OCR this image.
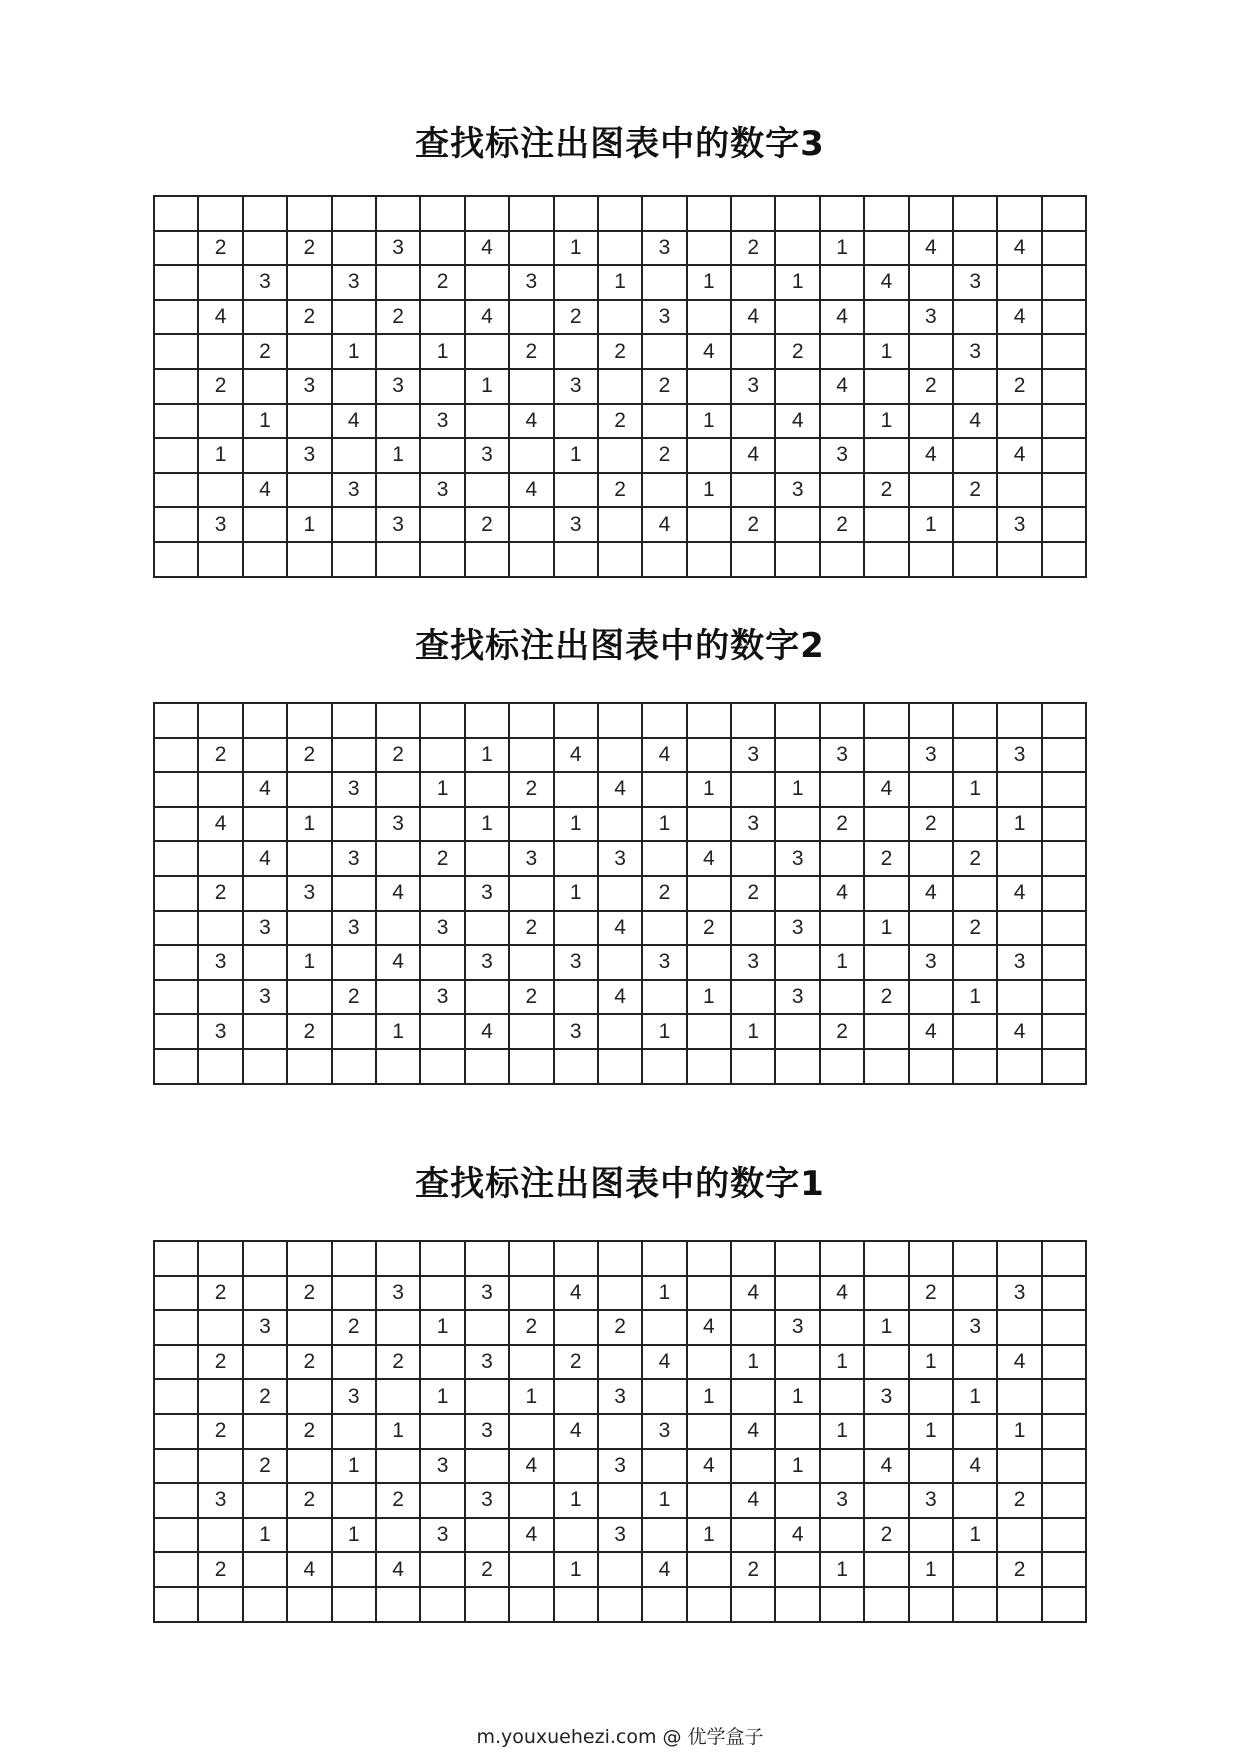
查找标注出图表中的数字3

	2		2		3		4		1		3		2		1		4		4	
		3		3		2		3		1		1		1		4		3		
	4		2		2		4		2		3		4		4		3		4	
		2		1		1		2		2		4		2		1		3		
	2		3		3		1		3		2		3		4		2		2	
		1		4		3		4		2		1		4		1		4		
	1		3		1		3		1		2		4		3		4		4	
		4		3		3		4		2		1		3		2		2		
	3		1		3		2		3		4		2		2		1		3	

查找标注出图表中的数字2

	2		2		2		1		4		4		3		3		3		3	
		4		3		1		2		4		1		1		4		1		
	4		1		3		1		1		1		3		2		2		1	
		4		3		2		3		3		4		3		2		2		
	2		3		4		3		1		2		2		4		4		4	
		3		3		3		2		4		2		3		1		2		
	3		1		4		3		3		3		3		1		3		3	
		3		2		3		2		4		1		3		2		1		
	3		2		1		4		3		1		1		2		4		4	

查找标注出图表中的数字1

	2		2		3		3		4		1		4		4		2		3	
		3		2		1		2		2		4		3		1		3		
	2		2		2		3		2		4		1		1		1		4	
		2		3		1		1		3		1		1		3		1		
	2		2		1		3		4		3		4		1		1		1	
		2		1		3		4		3		4		1		4		4		
	3		2		2		3		1		1		4		3		3		2	
		1		1		3		4		3		1		4		2		1		
	2		4		4		2		1		4		2		1		1		2	

m.youxuehezi.com @ 优学盒子
